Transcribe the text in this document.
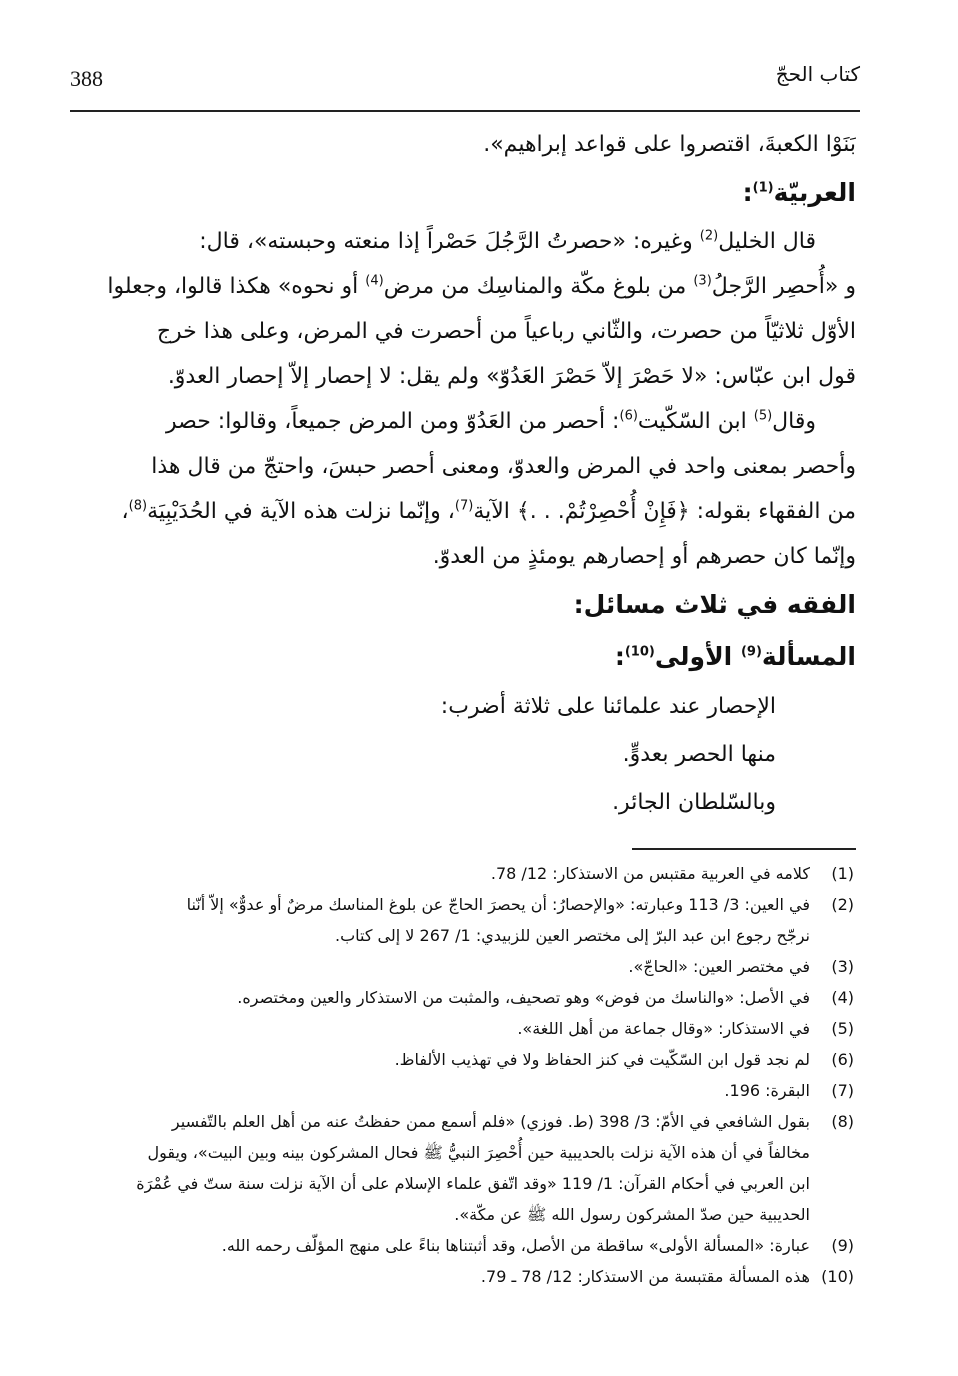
388	كتاب الحجّ
بَنَوْا الكعبةَ، اقتصروا على قواعد إبراهيم».
العربيّة$^{(1)}$:
قال الخليل$^{(2)}$ وغيره: «حصرتُ الرَّجُلَ حَصْراً إذا منعته وحبسته»، قال:
و «أُحصِر الرَّجلُ$^{(3)}$ من بلوغ مكّة والمناسِك من مرض$^{(4)}$ أو نحوه» هكذا قالوا، وجعلوا
الأوّل ثلاثيّاً من حصرت، والثّاني رباعياً من أحصرت في المرض، وعلى هذا خرج
قول ابن عبّاس: «لا حَصْرَ إلاّ حَصْرَ العَدُوّ» ولم يقل: لا إحصار إلاّ إحصار العدوّ.
وقال$^{(5)}$ ابن السّكّيت$^{(6)}$: أحصر من العَدُوّ ومن المرض جميعاً، وقالوا: حصر
وأحصر بمعنى واحد في المرض والعدوّ، ومعنى أحصر حبسَ، واحتجّ من قال هذا
من الفقهاء بقوله: ﴿فَإِنْ أُحْصِرْتُمْ. . .﴾ الآية$^{(7)}$، وإنّما نزلت هذه الآية في الحُدَيْبِيَة$^{(8)}$،
وإنّما كان حصرهم أو إحصارهم يومئذٍ من العدوّ.
الفقه في ثلاث مسائل:
المسألة$^{(9)}$ الأولى$^{(10)}$:
الإحصار عند علمائنا على ثلاثة أضرب:
منها الحصر بعدوٍّ.
وبالسّلطان الجائر.
(1)
كلامه في العربية مقتبس من الاستذكار: 12/ 78.
(2)
في العين: 3/ 113 وعبارته: «والإحصارُ: أن يحصرَ الحاجّ عن بلوغ المناسك مرضٌ أو عدوٌّ» إلاّ أنّنا
نرجّح رجوع ابن عبد البرّ إلى مختصر العين للزبيدي: 1/ 267 لا إلى كتاب.
(3)
في مختصر العين: «الحاجّ».
(4)
في الأصل: «والناسك من فوض» وهو تصحيف، والمثبت من الاستذكار والعين ومختصره.
(5)
في الاستذكار: «وقال جماعة من أهل اللغة».
(6)
لم نجد قول ابن السّكّيت في كنز الحفاظ ولا في تهذيب الألفاظ.
(7)
البقرة: 196.
(8)
بقول الشافعي في الأمّ: 3/ 398 (ط. فوزي) «فلم أسمع ممن حفظتُ عنه من أهل العلم بالتّفسير
مخالفاً في أن هذه الآية نزلت بالحديبية حين أُحْصِرَ النبيُّ ﷺ فحال المشركون بينه وبين البيت»، ويقول
ابن العربي في أحكام القرآن: 1/ 119 «وقد اتّفق علماء الإسلام على أن الآية نزلت سنة ستّ في عُمْرَة
الحديبية حين صدّ المشركون رسول الله ﷺ عن مكّة».
(9)
عبارة: «المسألة الأولى» ساقطة من الأصل، وقد أثبتناها بناءً على منهج المؤلّف رحمه الله.
(10)
هذه المسألة مقتبسة من الاستذكار: 12/ 78 ـ 79.
